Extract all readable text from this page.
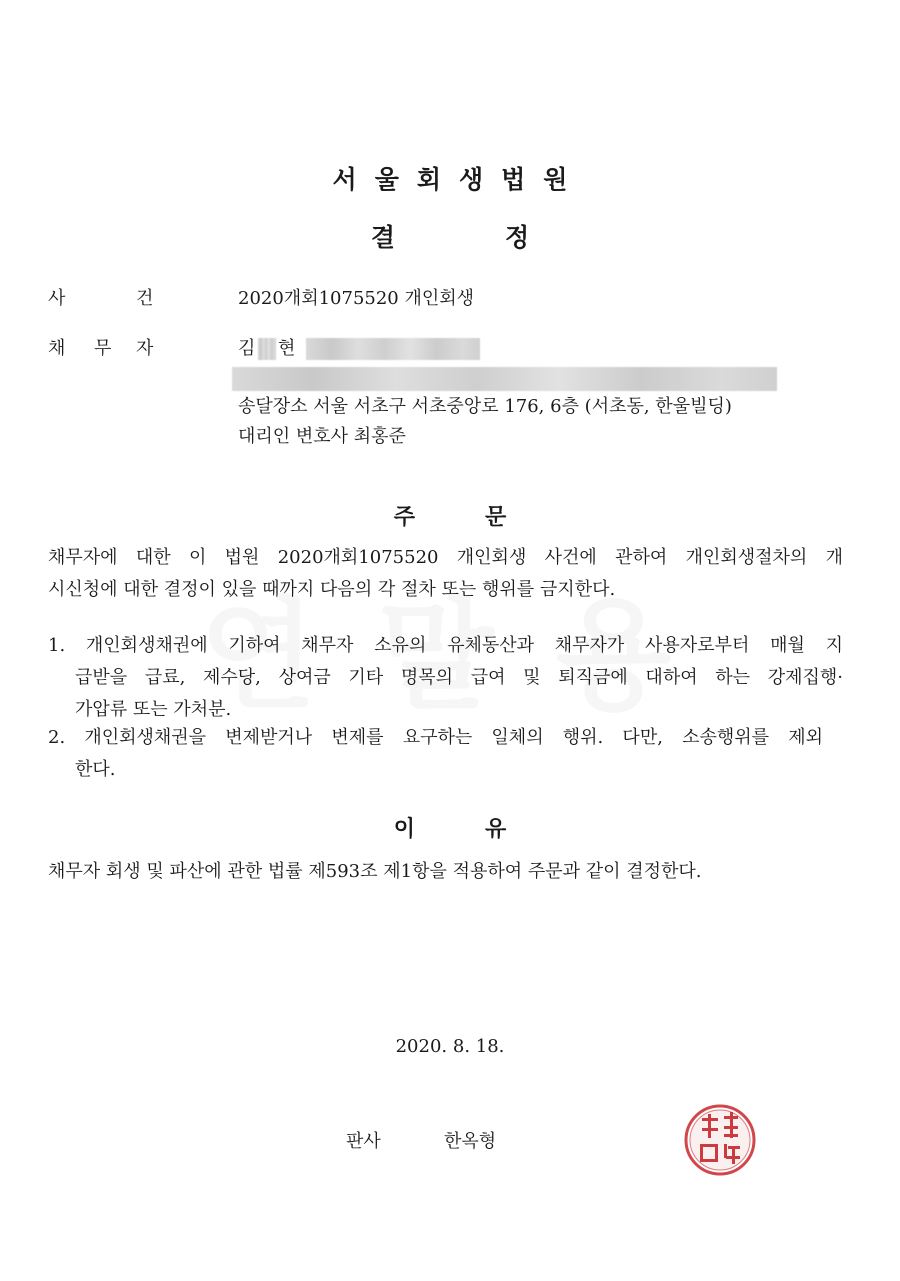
서울회생법원
결	정
사	건	2020개회1075520 개인회생
채 무 자	김 현
송달장소 서울 서초구 서초중앙로 176, 6층 (서초동, 한울빌딩)
대리인 변호사 최홍준
주	문
채무자에 대한 이 법원 2020개회1075520 개인회생 사건에 관하여 개인회생절차의 개
시신청에 대한 결정이 있을 때까지 다음의 각 절차 또는 행위를 금지한다.
1. 개인회생채권에 기하여 채무자 소유의 유체동산과 채무자가 사용자로부터 매월 지
급받을 급료, 제수당, 상여금 기타 명목의 급여 및 퇴직금에 대하여 하는 강제집행·
가압류 또는 가처분.
2. 개인회생채권을 변제받거나 변제를 요구하는 일체의 행위. 다만, 소송행위를 제외
한다.
이	유
채무자 회생 및 파산에 관한 법률 제593조 제1항을 적용하여 주문과 같이 결정한다.
2020. 8. 18.
판사	한옥형
